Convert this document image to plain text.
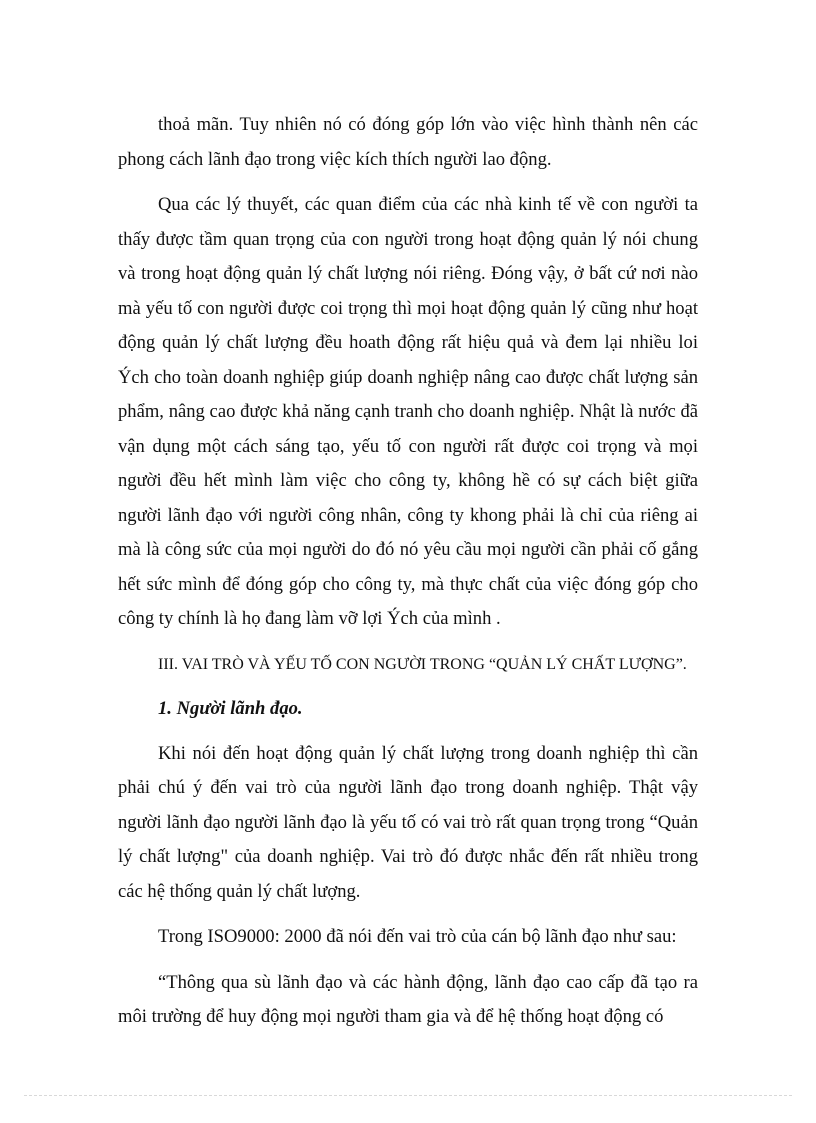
thoả mãn. Tuy nhiên nó có đóng góp lớn vào việc hình thành nên các phong cách lãnh đạo trong việc kích thích người lao động.

Qua các lý thuyết, các quan điểm của các nhà kinh tế về con người ta thấy được tầm quan trọng của con người trong hoạt động quản lý nói chung và trong hoạt động quản lý chất lượng nói riêng. Đóng vậy, ở bất cứ nơi nào mà yếu tố con người được coi trọng thì mọi hoạt động quản lý cũng như hoạt động quản lý chất lượng đều hoath động rất hiệu quả và đem lại nhiều loi Ých cho toàn doanh nghiệp giúp doanh nghiệp nâng cao được chất lượng sản phẩm, nâng cao được khả năng cạnh tranh cho doanh nghiệp. Nhật là nước đã vận dụng một cách sáng tạo, yếu tố con người rất được coi trọng và mọi người đều hết mình làm việc cho công ty, không hề có sự cách biệt giữa người lãnh đạo với người công nhân, công ty khong phải là chỉ của riêng ai mà là công sức của mọi người do đó nó yêu cầu mọi người cần phải cố gắng hết sức mình để đóng góp cho công ty, mà thực chất của việc đóng góp cho công ty chính là họ đang làm vỡ lợi Ých của mình .

III. VAI TRÒ VÀ YẾU TỐ CON NGƯỜI TRONG “QUẢN LÝ CHẤT LƯỢNG”.

1. Người lãnh đạo.

Khi nói đến hoạt động quản lý chất lượng trong doanh nghiệp thì cần phải chú ý đến vai trò của người lãnh đạo trong doanh nghiệp. Thật vậy người lãnh đạo người lãnh đạo là yếu tố có vai trò rất quan trọng trong “Quản lý chất lượng" của doanh nghiệp. Vai trò đó được nhắc đến rất nhiều trong các hệ thống quản lý chất lượng.

Trong ISO9000: 2000 đã nói đến vai trò của cán bộ lãnh đạo như sau:

“Thông qua sù lãnh đạo và các hành động, lãnh đạo cao cấp đã tạo ra môi trường để huy động mọi người tham gia và để hệ thống hoạt động có
